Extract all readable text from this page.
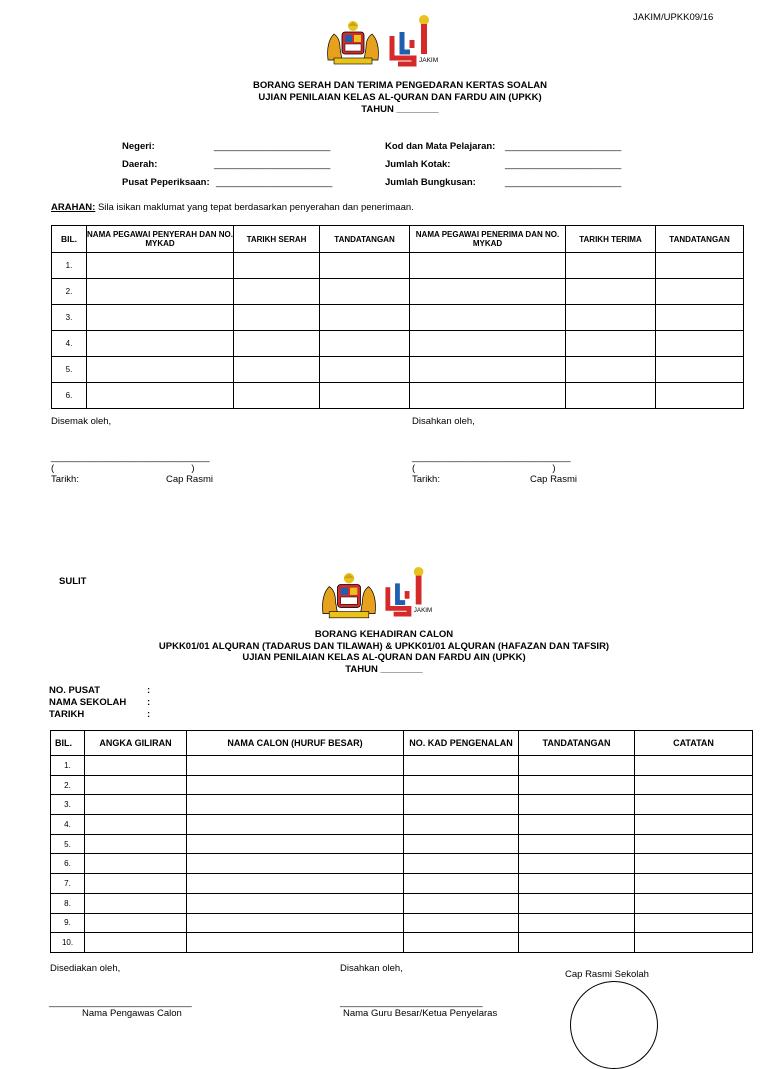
JAKIM/UPKK09/16
JAKIM
BORANG SERAH DAN TERIMA PENGEDARAN KERTAS SOALAN
UJIAN PENILAIAN KELAS AL-QURAN DAN FARDU AIN (UPKK)
TAHUN ________
Negeri:	______________________
Daerah:	______________________
Pusat Peperiksaan: ______________________
Kod dan Mata Pelajaran: ______________________
Jumlah Kotak:	______________________
Jumlah Bungkusan:	______________________
ARAHAN: Sila isikan maklumat yang tepat berdasarkan penyerahan dan penerimaan.
BIL.	NAMA PEGAWAI PENYERAH DAN NO. MYKAD	TARIKH SERAH	TANDATANGAN	NAMA PEGAWAI PENERIMA DAN NO. MYKAD	TARIKH TERIMA	TANDATANGAN
1.						
2.						
3.						
4.						
5.						
6.						
Disemak oleh,
______________________________
(                                                    )
Tarikh:	Cap Rasmi
Disahkan oleh,
______________________________
(                                                    )
Tarikh:	Cap Rasmi
SULIT
JAKIM
BORANG KEHADIRAN CALON
UPKK01/01 ALQURAN (TADARUS DAN TILAWAH) & UPKK01/01 ALQURAN (HAFAZAN DAN TAFSIR)
UJIAN PENILAIAN KELAS AL-QURAN DAN FARDU AIN (UPKK)
TAHUN ________
NO. PUSAT	:
NAMA SEKOLAH :
TARIKH	:
BIL.	ANGKA GILIRAN	NAMA CALON (HURUF BESAR)	NO. KAD PENGENALAN	TANDATANGAN	CATATAN
1.					
2.					
3.					
4.					
5.					
6.					
7.					
8.					
9.					
10.					
Disediakan oleh,	Disahkan oleh,
Cap Rasmi Sekolah
___________________________	___________________________
Nama Pengawas Calon	Nama Guru Besar/Ketua Penyelaras
